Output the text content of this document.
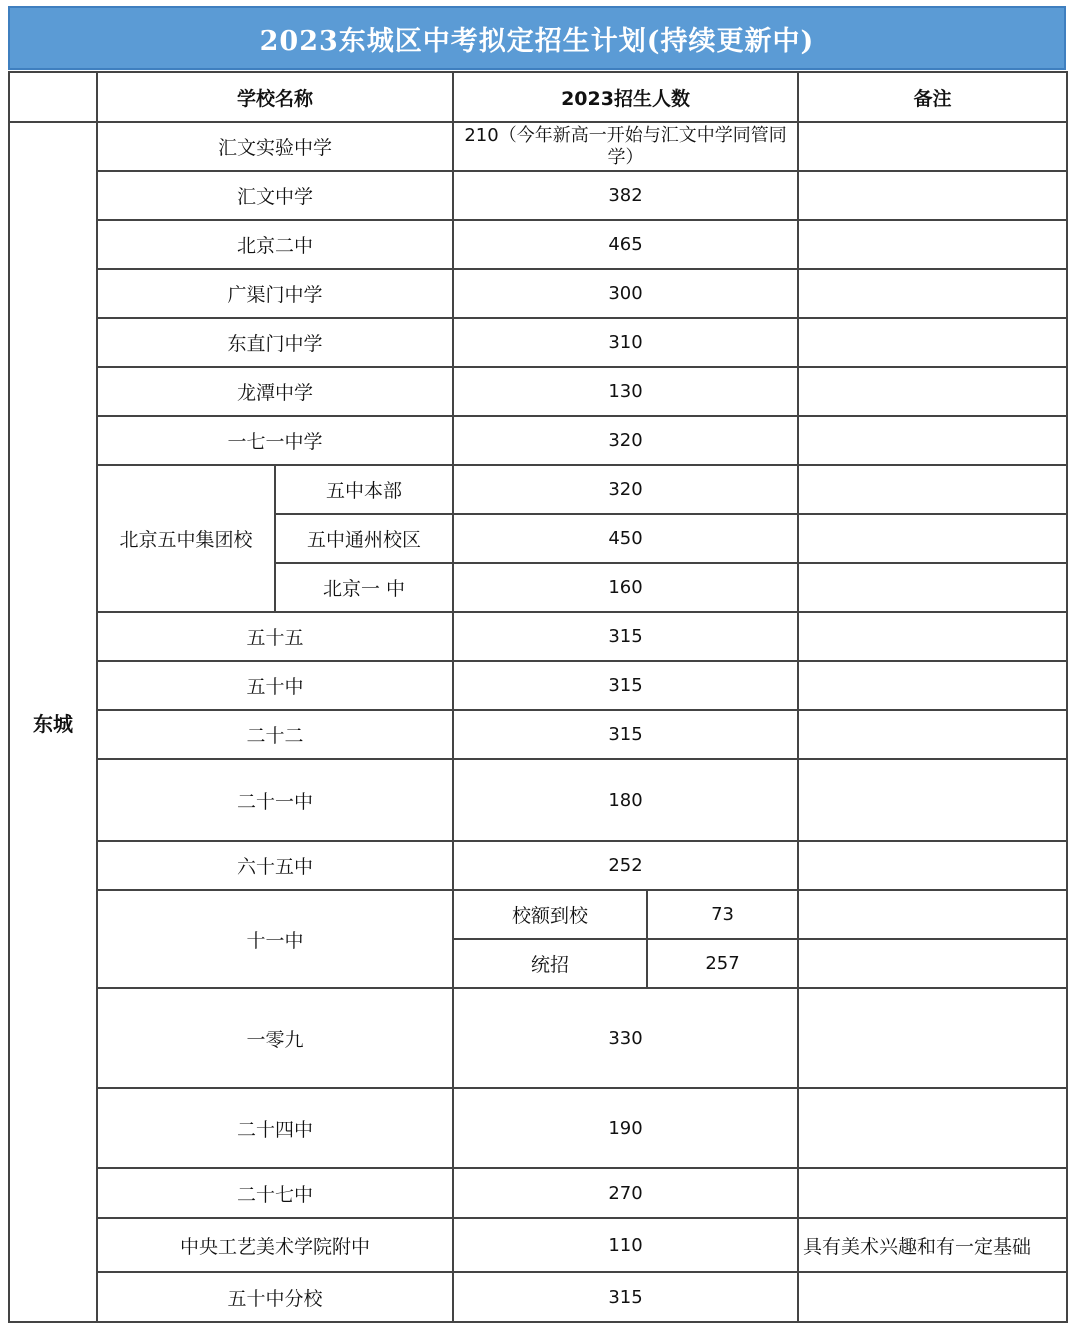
2023东城区中考拟定招生计划(持续更新中)
	学校名称		2023招生人数		备注
东城	汇文实验中学		210（今年新高一开始与汇文中学同管同学）		
	汇文中学		382		
	北京二中		465		
	广渠门中学		300		
	东直门中学		310		
	龙潭中学		130		
	一七一中学		320		
	北京五中集团校	五中本部	320		
		五中通州校区	450		
		北京一 中	160		
	五十五		315		
	五十中		315		
	二十二		315		
	二十一中		180		
	六十五中		252		
	十一中		校额到校	73	
			统招	257	
	一零九		330		
	二十四中		190		
	二十七中		270		
	中央工艺美术学院附中		110		具有美术兴趣和有一定基础
	五十中分校		315		
